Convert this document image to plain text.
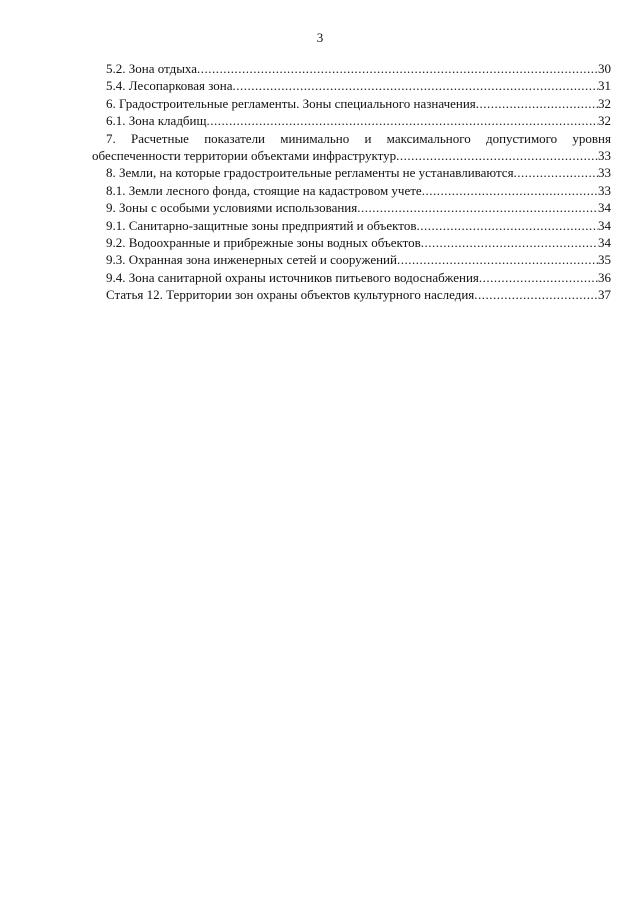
3
5.2. Зона отдыха .....	30
5.4. Лесопарковая зона .....	31
6. Градостроительные регламенты. Зоны специального назначения .....	32
6.1. Зона кладбищ .....	32
7. Расчетные показатели минимально и максимального допустимого уровня
обеспеченности территории объектами инфраструктур .....	33
8. Земли, на которые градостроительные регламенты не устанавливаются .....	33
8.1. Земли лесного фонда, стоящие на кадастровом учете .....	33
9. Зоны с особыми условиями использования .....	34
9.1. Санитарно-защитные зоны предприятий и объектов .....	34
9.2. Водоохранные и прибрежные зоны водных объектов .....	34
9.3. Охранная зона инженерных сетей и сооружений .....	35
9.4. Зона санитарной охраны источников питьевого водоснабжения .....	36
Статья 12. Территории зон охраны объектов культурного наследия .....	37
